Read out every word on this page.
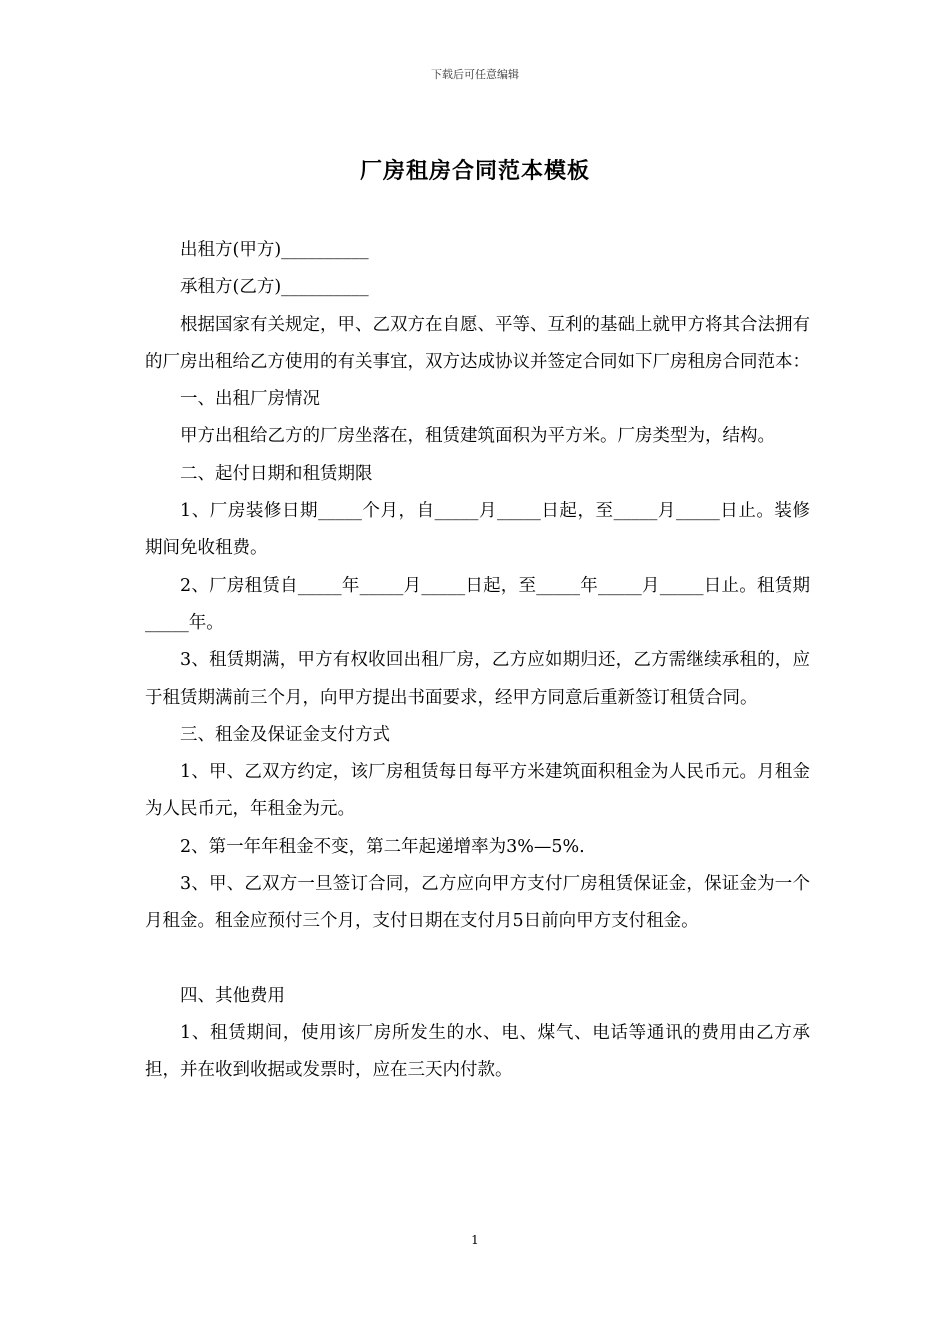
下载后可任意编辑
厂房租房合同范本模板

出租方(甲方)__________

承租方(乙方)__________

根据国家有关规定，甲、乙双方在自愿、平等、互利的基础上就甲方将其合法拥有的厂房出租给乙方使用的有关事宜，双方达成协议并签定合同如下厂房租房合同范本：

一、出租厂房情况

甲方出租给乙方的厂房坐落在，租赁建筑面积为平方米。厂房类型为，结构。

二、起付日期和租赁期限

1、厂房装修日期_____个月，自_____月_____日起，至_____月_____日止。装修期间免收租费。

2、厂房租赁自_____年_____月_____日起，至_____年_____月_____日止。租赁期_____年。

3、租赁期满，甲方有权收回出租厂房，乙方应如期归还，乙方需继续承租的，应于租赁期满前三个月，向甲方提出书面要求，经甲方同意后重新签订租赁合同。

三、租金及保证金支付方式

1、甲、乙双方约定，该厂房租赁每日每平方米建筑面积租金为人民币元。月租金为人民币元，年租金为元。

2、第一年年租金不变，第二年起递增率为3%—5%.

3、甲、乙双方一旦签订合同，乙方应向甲方支付厂房租赁保证金，保证金为一个月租金。租金应预付三个月，支付日期在支付月5日前向甲方支付租金。

四、其他费用

1、租赁期间，使用该厂房所发生的水、电、煤气、电话等通讯的费用由乙方承担，并在收到收据或发票时，应在三天内付款。

1
